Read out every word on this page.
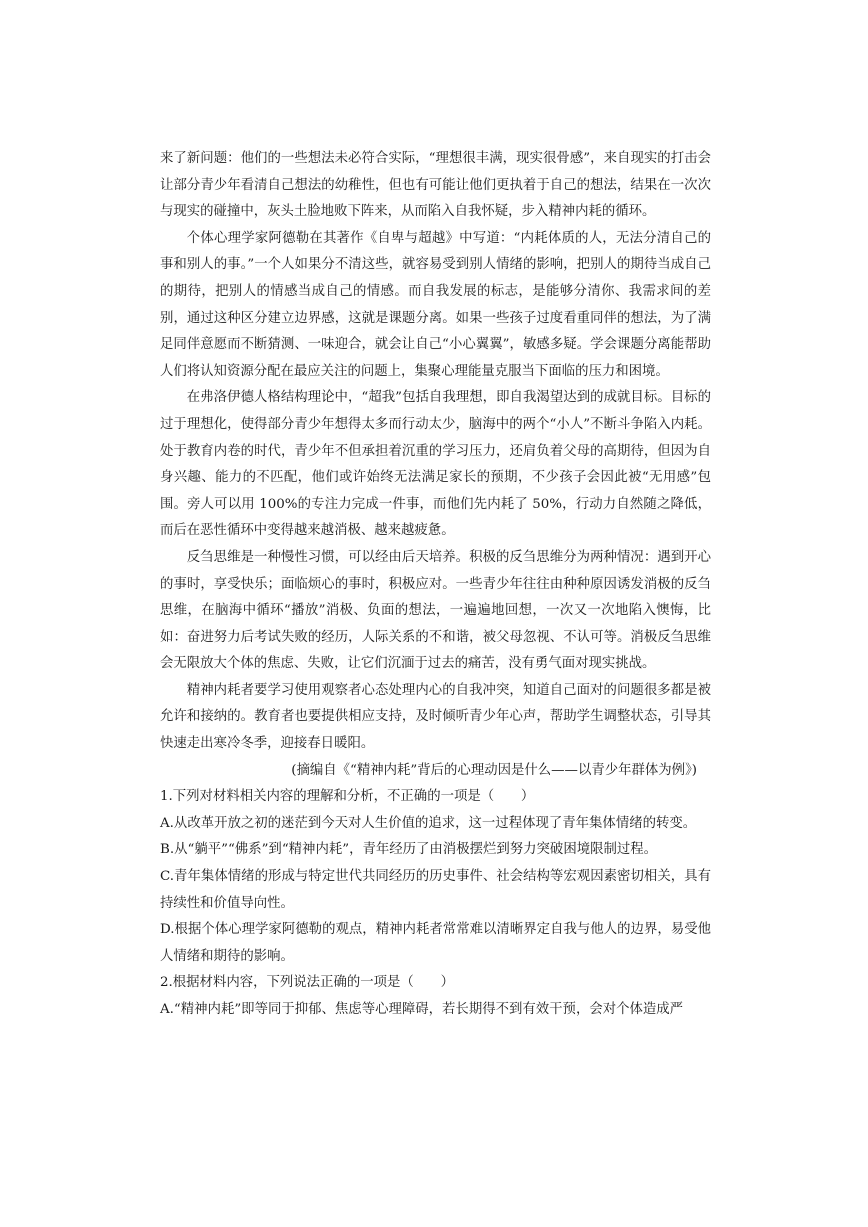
来了新问题：他们的一些想法未必符合实际，“理想很丰满，现实很骨感”，来自现实的打击会让部分青少年看清自己想法的幼稚性，但也有可能让他们更执着于自己的想法，结果在一次次与现实的碰撞中，灰头土脸地败下阵来，从而陷入自我怀疑，步入精神内耗的循环。

个体心理学家阿德勒在其著作《自卑与超越》中写道：“内耗体质的人，无法分清自己的事和别人的事。”一个人如果分不清这些，就容易受到别人情绪的影响，把别人的期待当成自己的期待，把别人的情感当成自己的情感。而自我发展的标志，是能够分清你、我需求间的差别，通过这种区分建立边界感，这就是课题分离。如果一些孩子过度看重同伴的想法，为了满足同伴意愿而不断猜测、一味迎合，就会让自己“小心翼翼”，敏感多疑。学会课题分离能帮助人们将认知资源分配在最应关注的问题上，集聚心理能量克服当下面临的压力和困境。

在弗洛伊德人格结构理论中，“超我”包括自我理想，即自我渴望达到的成就目标。目标的过于理想化，使得部分青少年想得太多而行动太少，脑海中的两个“小人”不断斗争陷入内耗。处于教育内卷的时代，青少年不但承担着沉重的学习压力，还肩负着父母的高期待，但因为自身兴趣、能力的不匹配，他们或许始终无法满足家长的预期，不少孩子会因此被“无用感”包围。旁人可以用 100%的专注力完成一件事，而他们先内耗了 50%，行动力自然随之降低，而后在恶性循环中变得越来越消极、越来越疲惫。

反刍思维是一种慢性习惯，可以经由后天培养。积极的反刍思维分为两种情况：遇到开心的事时，享受快乐；面临烦心的事时，积极应对。一些青少年往往由种种原因诱发消极的反刍思维，在脑海中循环“播放”消极、负面的想法，一遍遍地回想，一次又一次地陷入懊悔，比如：奋进努力后考试失败的经历，人际关系的不和谐，被父母忽视、不认可等。消极反刍思维会无限放大个体的焦虑、失败，让它们沉湎于过去的痛苦，没有勇气面对现实挑战。

精神内耗者要学习使用观察者心态处理内心的自我冲突，知道自己面对的问题很多都是被允许和接纳的。教育者也要提供相应支持，及时倾听青少年心声，帮助学生调整状态，引导其快速走出寒冷冬季，迎接春日暖阳。

(摘编自《“精神内耗”背后的心理动因是什么——以青少年群体为例》)

1.下列对材料相关内容的理解和分析，不正确的一项是（　　）

A.从改革开放之初的迷茫到今天对人生价值的追求，这一过程体现了青年集体情绪的转变。

B.从“躺平”“佛系”到“精神内耗”，青年经历了由消极摆烂到努力突破困境限制过程。

C.青年集体情绪的形成与特定世代共同经历的历史事件、社会结构等宏观因素密切相关，具有持续性和价值导向性。

D.根据个体心理学家阿德勒的观点，精神内耗者常常难以清晰界定自我与他人的边界，易受他人情绪和期待的影响。

2.根据材料内容，下列说法正确的一项是（　　）

A.“精神内耗”即等同于抑郁、焦虑等心理障碍，若长期得不到有效干预，会对个体造成严
